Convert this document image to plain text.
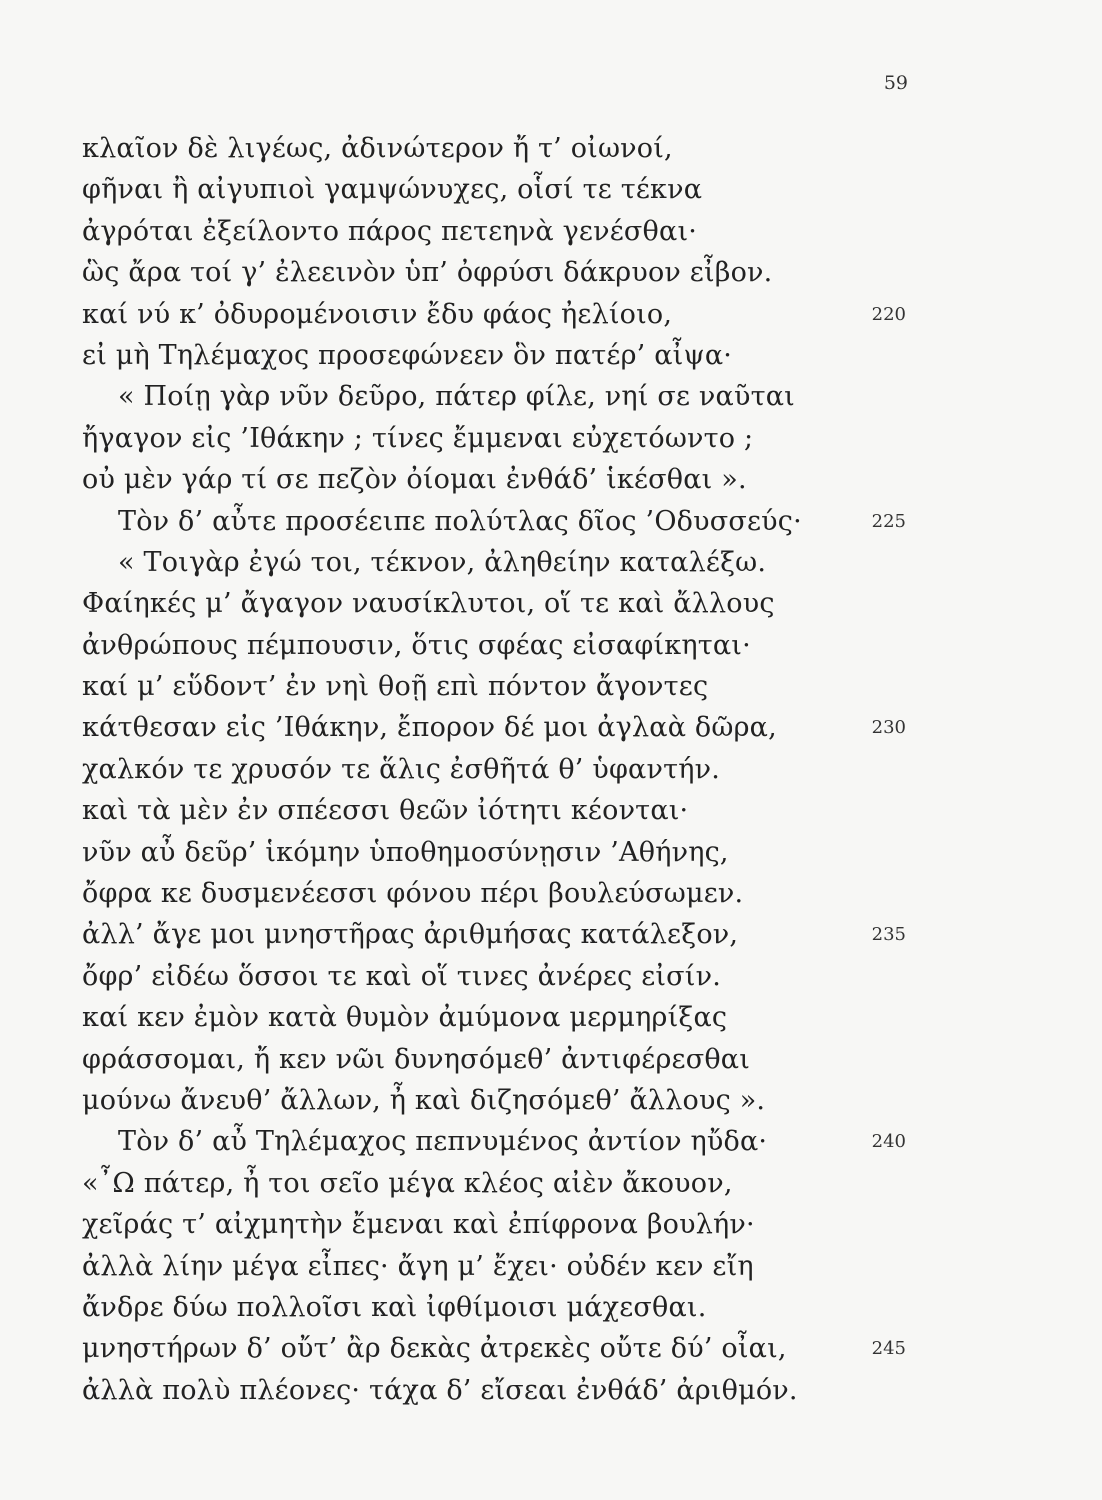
59
κλαῖον δὲ λιγέως, ἀδινώτερον ἤ τ’ οἰωνοί,
φῆναι ἢ αἰγυπιοὶ γαμψώνυχες, οἷσί τε τέκνα
ἀγρόται ἐξείλοντο πάρος πετεηνὰ γενέσθαι·
ὣς ἄρα τοί γ’ ἐλεεινὸν ὑπ’ ὀφρύσι δάκρυον εἶβον.
καί νύ κ’ ὀδυρομένοισιν ἔδυ φάος ἠελίοιο,	220
εἰ μὴ Τηλέμαχος προσεφώνεεν ὃν πατέρ’ αἶψα·
« Ποίῃ γὰρ νῦν δεῦρο, πάτερ φίλε, νηί σε ναῦται
ἤγαγον εἰς ’Ιθάκην ; τίνες ἔμμεναι εὐχετόωντο ;
οὐ μὲν γάρ τί σε πεζὸν ὀίομαι ἐνθάδ’ ἱκέσθαι ».
Τὸν δ’ αὖτε προσέειπε πολύτλας δῖος ’Οδυσσεύς·	225
« Τοιγὰρ ἐγώ τοι, τέκνον, ἀληθείην καταλέξω.
Φαίηκές μ’ ἄγαγον ναυσίκλυτοι, οἵ τε καὶ ἄλλους
ἀνθρώπους πέμπουσιν, ὅτις σφέας εἰσαφίκηται·
καί μ’ εὕδοντ’ ἐν νηὶ θοῇ επὶ πόντον ἄγοντες
κάτθεσαν εἰς ’Ιθάκην, ἔπορον δέ μοι ἀγλαὰ δῶρα,	230
χαλκόν τε χρυσόν τε ἅλις ἐσθῆτά θ’ ὑφαντήν.
καὶ τὰ μὲν ἐν σπέεσσι θεῶν ἰότητι κέονται·
νῦν αὖ δεῦρ’ ἱκόμην ὑποθημοσύνῃσιν ’Αθήνης,
ὄφρα κε δυσμενέεσσι φόνου πέρι βουλεύσωμεν.
ἀλλ’ ἄγε μοι μνηστῆρας ἀριθμήσας κατάλεξον,	235
ὄφρ’ εἰδέω ὅσσοι τε καὶ οἵ τινες ἀνέρες εἰσίν.
καί κεν ἐμὸν κατὰ θυμὸν ἀμύμονα μερμηρίξας
φράσσομαι, ἤ κεν νῶι δυνησόμεθ’ ἀντιφέρεσθαι
μούνω ἄνευθ’ ἄλλων, ἦ καὶ διζησόμεθ’ ἄλλους ».
Τὸν δ’ αὖ Τηλέμαχος πεπνυμένος ἀντίον ηὔδα·	240
«῏Ω πάτερ, ἦ τοι σεῖο μέγα κλέος αἰὲν ἄκουον,
χεῖράς τ’ αἰχμητὴν ἔμεναι καὶ ἐπίφρονα βουλήν·
ἀλλὰ λίην μέγα εἶπες· ἄγη μ’ ἔχει· οὐδέν κεν εἴη
ἄνδρε δύω πολλοῖσι καὶ ἰφθίμοισι μάχεσθαι.
μνηστήρων δ’ οὔτ’ ἂρ δεκὰς ἀτρεκὲς οὔτε δύ’ οἶαι,	245
ἀλλὰ πολὺ πλέονες· τάχα δ’ εἴσεαι ἐνθάδ’ ἀριθμόν.
